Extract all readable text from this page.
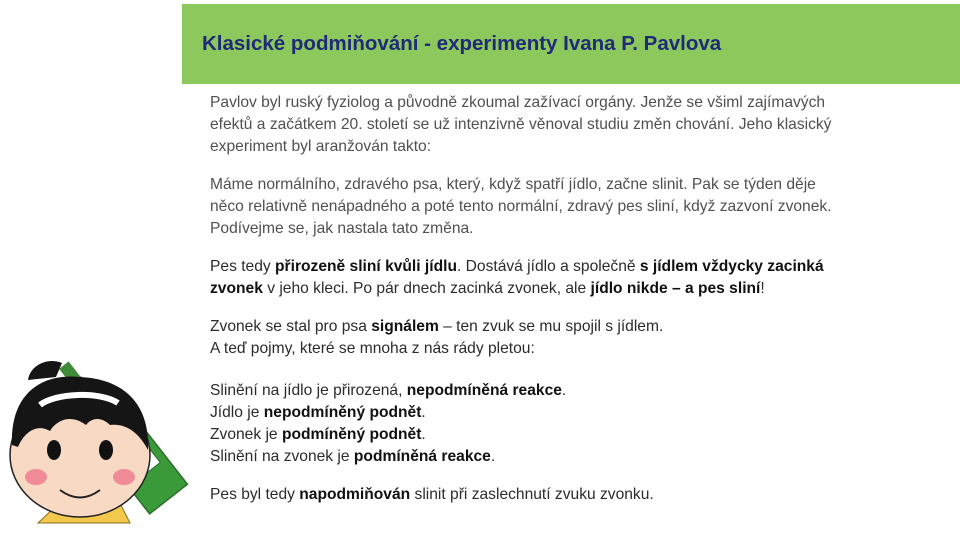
Klasické podmiňování - experimenty Ivana P. Pavlova

Pavlov byl ruský fyziolog a původně zkoumal zažívací orgány. Jenže se všiml zajímavých

efektů a začátkem 20. století se už intenzivně věnoval studiu změn chování. Jeho klasický

experiment byl aranžován takto:

Máme normálního, zdravého psa, který, když spatří jídlo, začne slinit. Pak se týden děje

něco relativně nenápadného a poté tento normální, zdravý pes sliní, když zazvoní zvonek.

Podívejme se, jak nastala tato změna.

Pes tedy přirozeně sliní kvůli jídlu. Dostává jídlo a společně s jídlem vždycky zacinká

zvonek v jeho kleci. Po pár dnech zacinká zvonek, ale jídlo nikde – a pes sliní!

Zvonek se stal pro psa signálem – ten zvuk se mu spojil s jídlem.

A teď pojmy, které se mnoha z nás rády pletou:

Slinění na jídlo je přirozená, nepodmíněná reakce.

Jídlo je nepodmíněný podnět.

Zvonek je podmíněný podnět.

Slinění na zvonek je podmíněná reakce.

Pes byl tedy napodmiňován slinit při zaslechnutí zvuku zvonku.
